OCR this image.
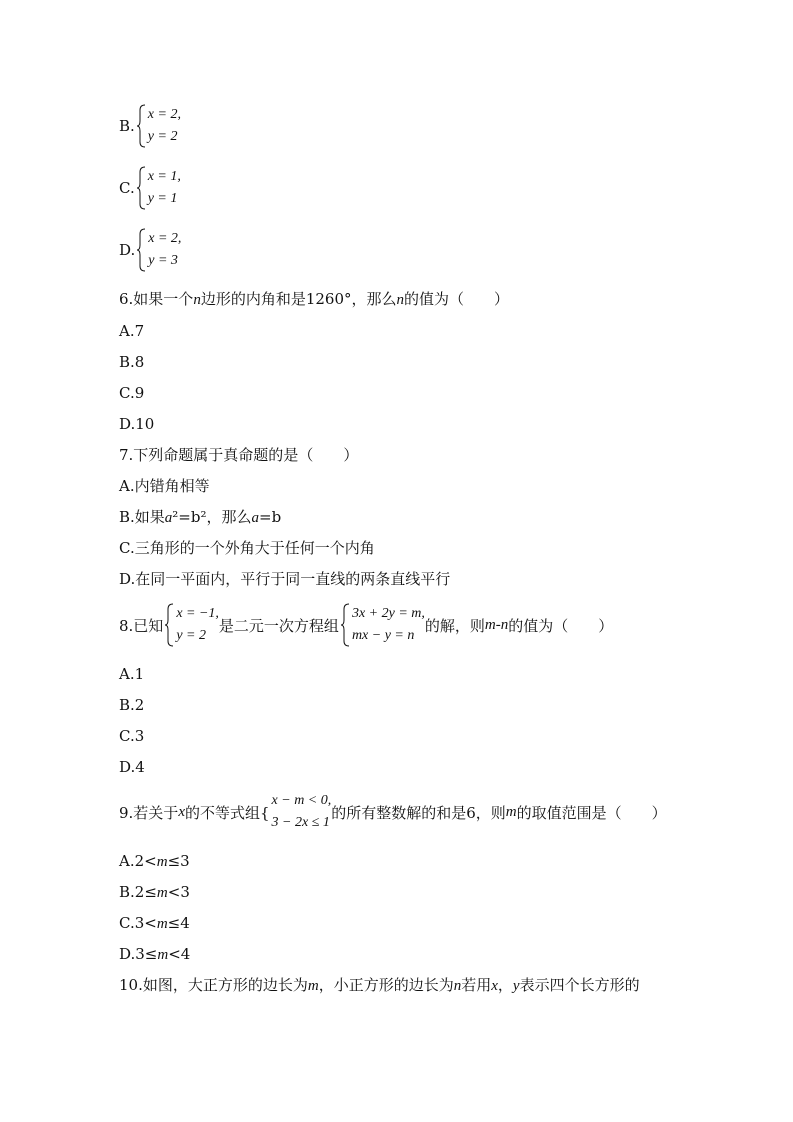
B.
x = 2,
y = 2
C.
x = 1,
y = 1
D.
x = 2,
y = 3
6.如果一个n边形的内角和是1260°，那么n的值为（　　）
A.7
B.8
C.9
D.10
7.下列命题属于真命题的是（　　）
A.内错角相等
B.如果a²=b²，那么a=b
C.三角形的一个外角大于任何一个内角
D.在同一平面内，平行于同一直线的两条直线平行
8.已知
x = −1,
y = 2
是二元一次方程组
3x + 2y = m,
mx − y = n
的解，则m-n的值为（　　）
A.1
B.2
C.3
D.4
9.若关于x的不等式组{
x − m < 0,
3 − 2x ≤ 1
的所有整数解的和是6，则m的取值范围是（　　）
A.2<m≤3
B.2≤m<3
C.3<m≤4
D.3≤m<4
10.如图，大正方形的边长为m，小正方形的边长为n若用x，y表示四个长方形的
